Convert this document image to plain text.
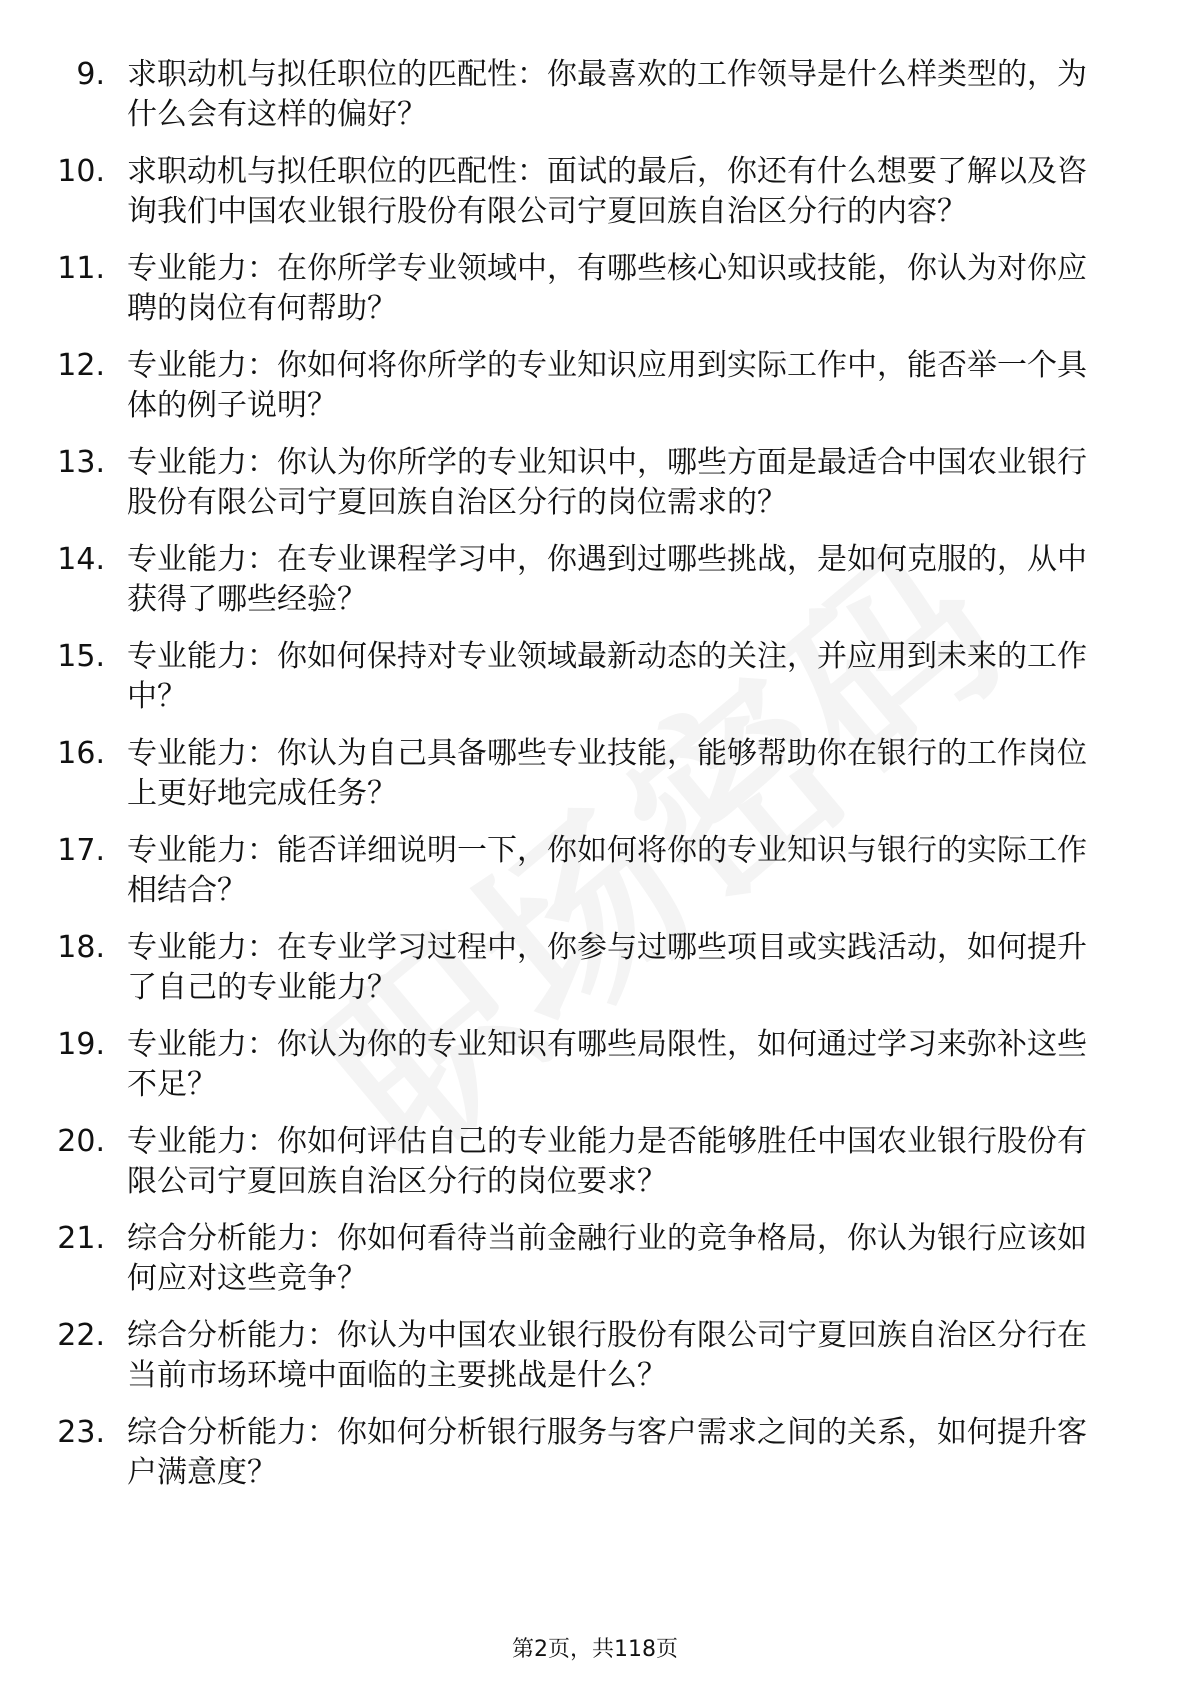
9. 求职动机与拟任职位的匹配性：你最喜欢的工作领导是什么样类型的，为什么会有这样的偏好？
10. 求职动机与拟任职位的匹配性：面试的最后，你还有什么想要了解以及咨询我们中国农业银行股份有限公司宁夏回族自治区分行的内容？
11. 专业能力：在你所学专业领域中，有哪些核心知识或技能，你认为对你应聘的岗位有何帮助？
12. 专业能力：你如何将你所学的专业知识应用到实际工作中，能否举一个具体的例子说明？
13. 专业能力：你认为你所学的专业知识中，哪些方面是最适合中国农业银行股份有限公司宁夏回族自治区分行的岗位需求的？
14. 专业能力：在专业课程学习中，你遇到过哪些挑战，是如何克服的，从中获得了哪些经验？
15. 专业能力：你如何保持对专业领域最新动态的关注，并应用到未来的工作中？
16. 专业能力：你认为自己具备哪些专业技能，能够帮助你在银行的工作岗位上更好地完成任务？
17. 专业能力：能否详细说明一下，你如何将你的专业知识与银行的实际工作相结合？
18. 专业能力：在专业学习过程中，你参与过哪些项目或实践活动，如何提升了自己的专业能力？
19. 专业能力：你认为你的专业知识有哪些局限性，如何通过学习来弥补这些不足？
20. 专业能力：你如何评估自己的专业能力是否能够胜任中国农业银行股份有限公司宁夏回族自治区分行的岗位要求？
21. 综合分析能力：你如何看待当前金融行业的竞争格局，你认为银行应该如何应对这些竞争？
22. 综合分析能力：你认为中国农业银行股份有限公司宁夏回族自治区分行在当前市场环境中面临的主要挑战是什么？
23. 综合分析能力：你如何分析银行服务与客户需求之间的关系，如何提升客户满意度？
第2页，共118页
